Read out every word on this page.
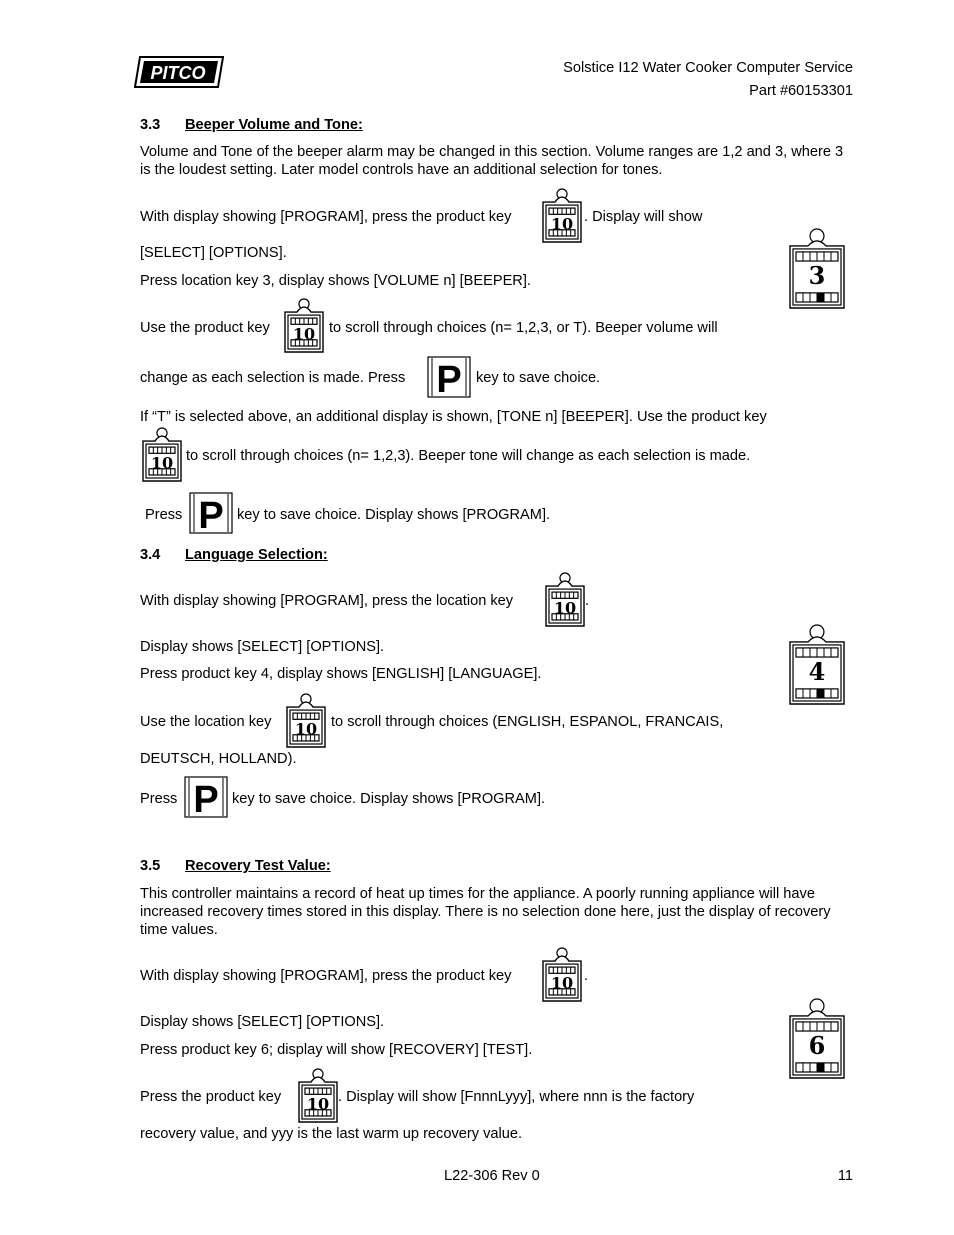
PITCO	Solstice I12 Water Cooker Computer Service
Part #60153301
3.3 Beeper Volume and Tone:
Volume and Tone of the beeper alarm may be changed in this section. Volume ranges are 1,2 and 3, where 3 is the loudest setting. Later model controls have an additional selection for tones.
With display showing [PROGRAM], press the product key 10 . Display will show
[SELECT] [OPTIONS].
3
Press location key 3, display shows [VOLUME n] [BEEPER].
Use the product key 10 to scroll through choices (n= 1,2,3, or T). Beeper volume will
change as each selection is made. Press P key to save choice.
If “T” is selected above, an additional display is shown, [TONE n] [BEEPER]. Use the product key
10 to scroll through choices (n= 1,2,3). Beeper tone will change as each selection is made.
Press P key to save choice. Display shows [PROGRAM].
3.4 Language Selection:
With display showing [PROGRAM], press the location key	10 .
Display shows [SELECT] [OPTIONS].
4
Press product key 4, display shows [ENGLISH] [LANGUAGE].
Use the location key 10 to scroll through choices (ENGLISH, ESPANOL, FRANCAIS,
DEUTSCH, HOLLAND).
Press P key to save choice. Display shows [PROGRAM].
3.5 Recovery Test Value:
This controller maintains a record of heat up times for the appliance. A poorly running appliance will have increased recovery times stored in this display. There is no selection done here, just the display of recovery time values.
With display showing [PROGRAM], press the product key 10 .
Display shows [SELECT] [OPTIONS].
6
Press product key 6; display will show [RECOVERY] [TEST].
Press the product key 10 . Display will show [FnnnLyyy], where nnn is the factory
recovery value, and yyy is the last warm up recovery value.
L22-306 Rev 0	11
